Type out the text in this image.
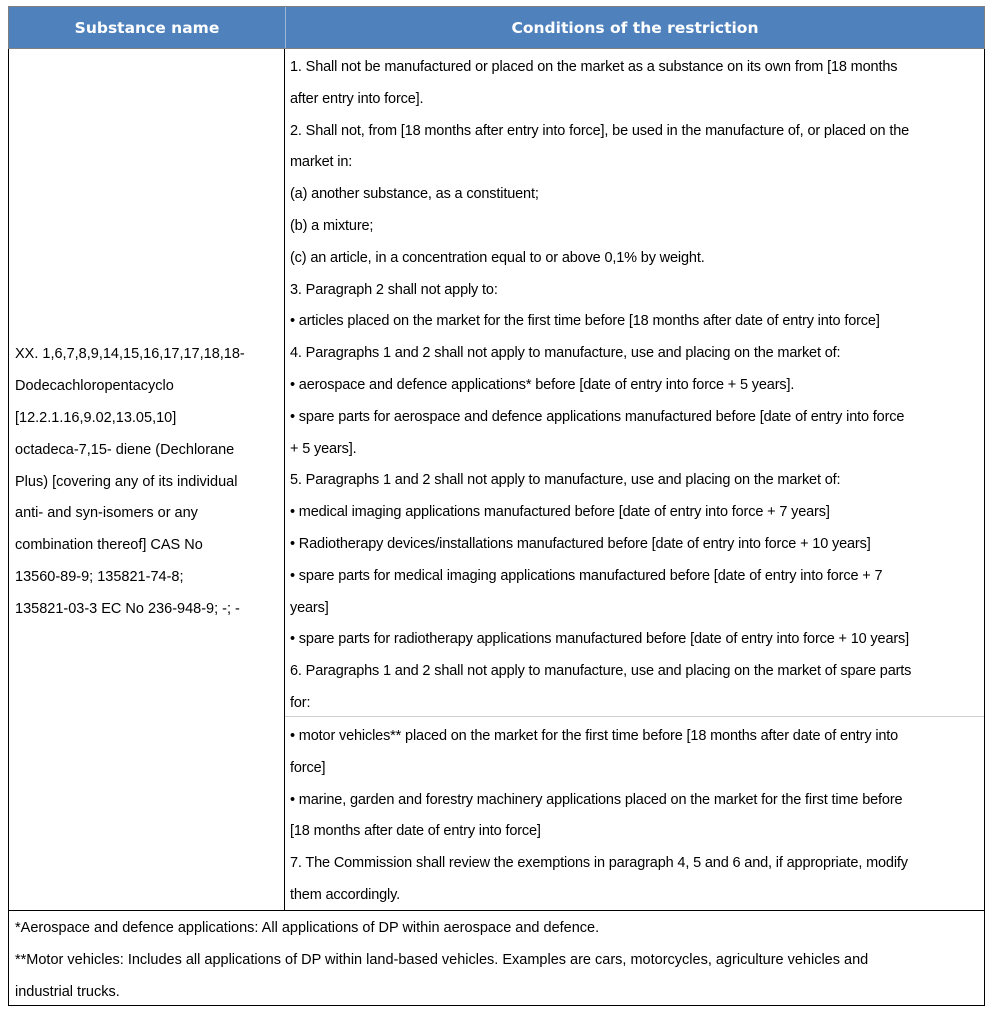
Substance name	Conditions of the restriction
XX. 1,6,7,8,9,14,15,16,17,17,18,18-
Dodecachloropentacyclo
[12.2.1.16,9.02,13.05,10]
octadeca-7,15- diene (Dechlorane
Plus) [covering any of its individual
anti- and syn-isomers or any
combination thereof] CAS No
13560-89-9; 135821-74-8;
135821-03-3 EC No 236-948-9; -; -
1. Shall not be manufactured or placed on the market as a substance on its own from [18 months
after entry into force].
2. Shall not, from [18 months after entry into force], be used in the manufacture of, or placed on the
market in:
(a) another substance, as a constituent;
(b) a mixture;
(c) an article, in a concentration equal to or above 0,1% by weight.
3. Paragraph 2 shall not apply to:
• articles placed on the market for the first time before [18 months after date of entry into force]
4. Paragraphs 1 and 2 shall not apply to manufacture, use and placing on the market of:
• aerospace and defence applications* before [date of entry into force + 5 years].
• spare parts for aerospace and defence applications manufactured before [date of entry into force
+ 5 years].
5. Paragraphs 1 and 2 shall not apply to manufacture, use and placing on the market of:
• medical imaging applications manufactured before [date of entry into force + 7 years]
• Radiotherapy devices/installations manufactured before [date of entry into force + 10 years]
• spare parts for medical imaging applications manufactured before [date of entry into force + 7
years]
• spare parts for radiotherapy applications manufactured before [date of entry into force + 10 years]
6. Paragraphs 1 and 2 shall not apply to manufacture, use and placing on the market of spare parts
for:
• motor vehicles** placed on the market for the first time before [18 months after date of entry into
force]
• marine, garden and forestry machinery applications placed on the market for the first time before
[18 months after date of entry into force]
7. The Commission shall review the exemptions in paragraph 4, 5 and 6 and, if appropriate, modify
them accordingly.
*Aerospace and defence applications: All applications of DP within aerospace and defence.
**Motor vehicles: Includes all applications of DP within land-based vehicles. Examples are cars, motorcycles, agriculture vehicles and
industrial trucks.
